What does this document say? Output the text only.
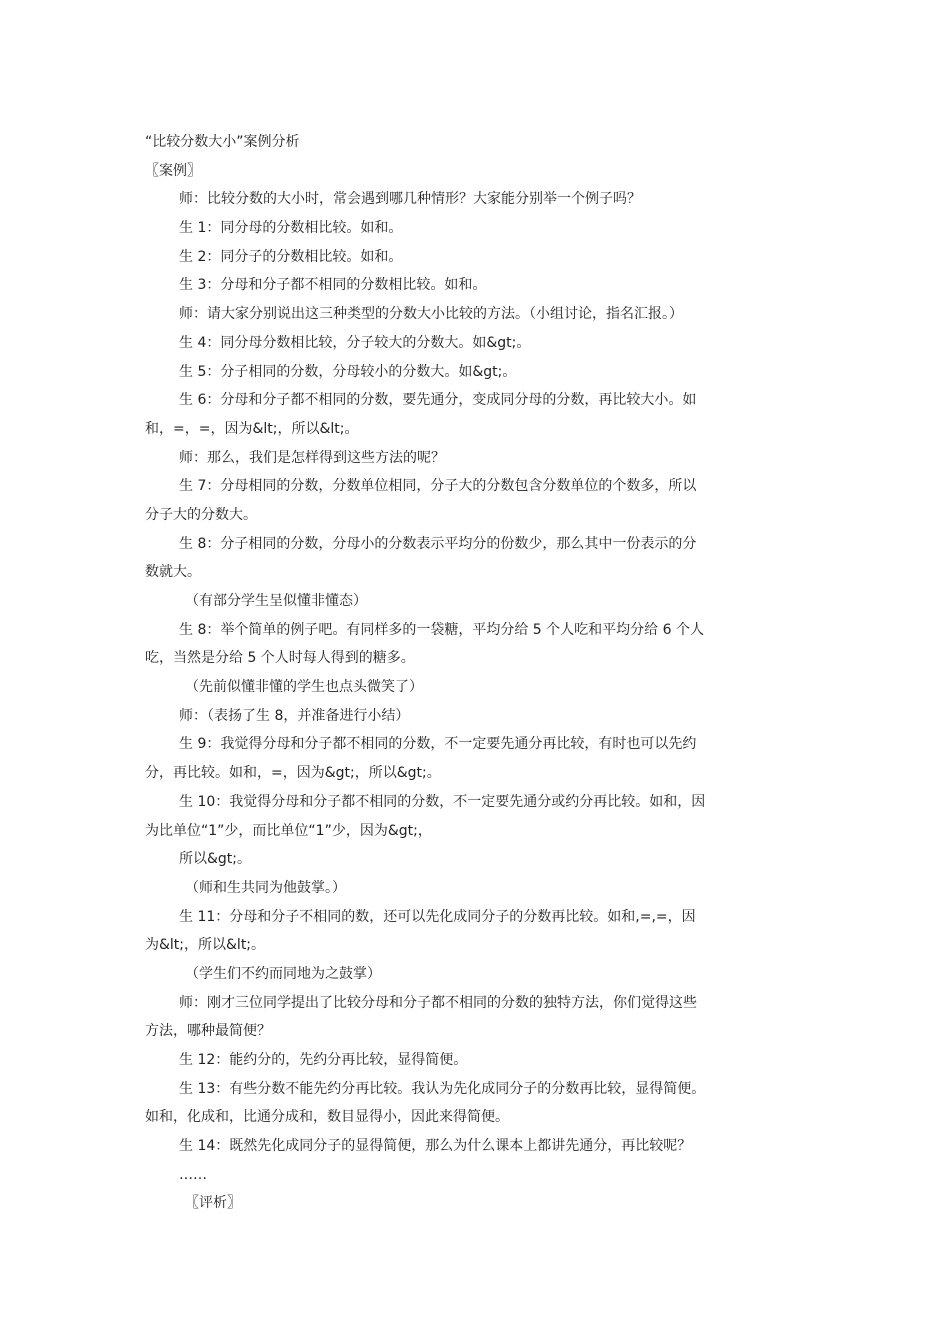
“比较分数大小”案例分析
〖案例〗
师：比较分数的大小时，常会遇到哪几种情形？大家能分别举一个例子吗？
生 1：同分母的分数相比较。如和。
生 2：同分子的分数相比较。如和。
生 3：分母和分子都不相同的分数相比较。如和。
师：请大家分别说出这三种类型的分数大小比较的方法。（小组讨论，指名汇报。）
生 4：同分母分数相比较，分子较大的分数大。如&gt;。
生 5：分子相同的分数，分母较小的分数大。如&gt;。
生 6：分母和分子都不相同的分数，要先通分，变成同分母的分数，再比较大小。如
和，=，=，因为&lt;，所以&lt;。
师：那么，我们是怎样得到这些方法的呢？
生 7：分母相同的分数，分数单位相同，分子大的分数包含分数单位的个数多，所以
分子大的分数大。
生 8：分子相同的分数，分母小的分数表示平均分的份数少，那么其中一份表示的分
数就大。
（有部分学生呈似懂非懂态）
生 8：举个简单的例子吧。有同样多的一袋糖，平均分给 5 个人吃和平均分给 6 个人
吃，当然是分给 5 个人时每人得到的糖多。
（先前似懂非懂的学生也点头微笑了）
师：（表扬了生 8，并准备进行小结）
生 9：我觉得分母和分子都不相同的分数，不一定要先通分再比较，有时也可以先约
分，再比较。如和，=，因为&gt;，所以&gt;。
生 10：我觉得分母和分子都不相同的分数，不一定要先通分或约分再比较。如和，因
为比单位“1”少，而比单位“1”少，因为&gt;，
所以&gt;。
（师和生共同为他鼓掌。）
生 11：分母和分子不相同的数，还可以先化成同分子的分数再比较。如和,=,=，因
为&lt;，所以&lt;。
（学生们不约而同地为之鼓掌）
师：刚才三位同学提出了比较分母和分子都不相同的分数的独特方法，你们觉得这些
方法，哪种最简便？
生 12：能约分的，先约分再比较，显得简便。
生 13：有些分数不能先约分再比较。我认为先化成同分子的分数再比较，显得简便。
如和，化成和，比通分成和，数目显得小，因此来得简便。
生 14：既然先化成同分子的显得简便，那么为什么课本上都讲先通分，再比较呢？
……
〖评析〗
